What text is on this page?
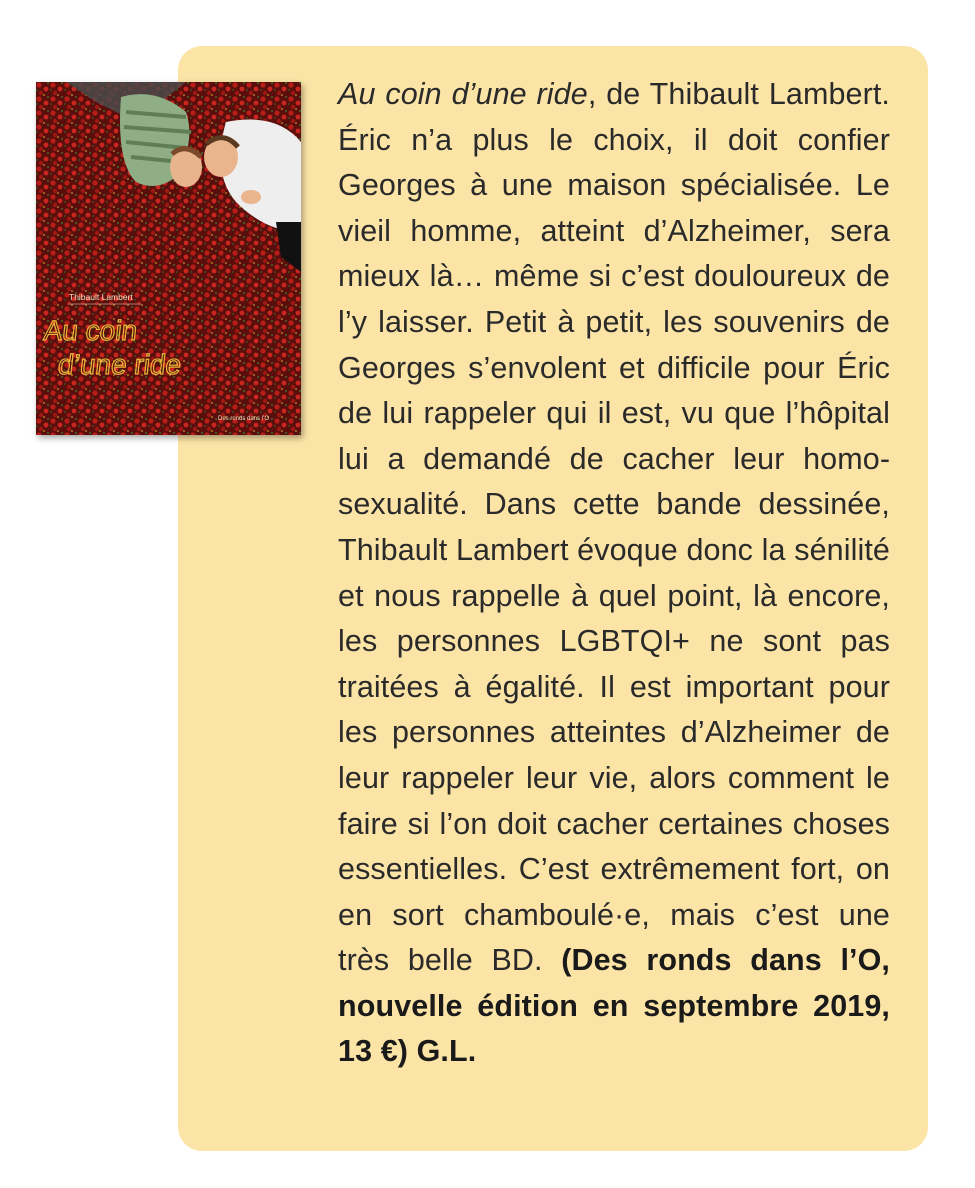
Thibault Lambert
Au coin
d’une ride
Des ronds dans l’O
Au coin d’une ride, de Thibault Lambert. Éric n’a plus le choix, il doit confier Georges à une maison spécialisée. Le vieil homme, atteint d’Alzheimer, sera mieux là… même si c’est douloureux de l’y laisser. Petit à petit, les souvenirs de Georges s’envolent et difficile pour Éric de lui rappeler qui il est, vu que l’hôpital lui a demandé de cacher leur homosexualité. Dans cette bande dessinée, Thibault Lambert évoque donc la sénilité et nous rappelle à quel point, là encore, les personnes LGBTQI+ ne sont pas traitées à égalité. Il est important pour les personnes atteintes d’Alzheimer de leur rappeler leur vie, alors comment le faire si l’on doit cacher certaines choses essentielles. C’est extrêmement fort, on en sort chamboulé·e, mais c’est une très belle BD. (Des ronds dans l’O, nouvelle édition en septembre 2019, 13 €) G.L.
